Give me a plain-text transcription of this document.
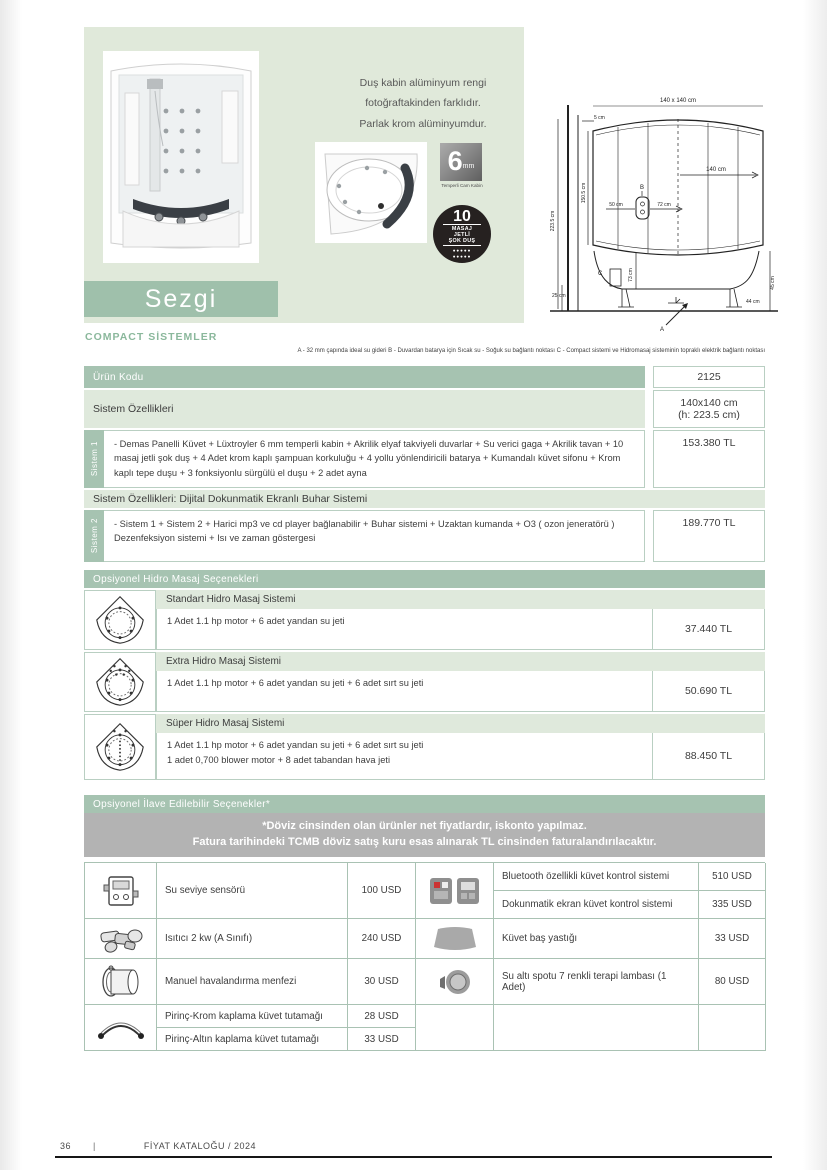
Duş kabin alüminyum rengi
fotoğraftakinden farklıdır.
Parlak krom alüminyumdur.
6 mm
Temperli Cam Kabin
10
MASAJ JETLİ
ŞOK DUŞ
●●●●●
●●●●●
Sezgi
223.5 cm
5 cm
140 x 140 cm
150.5 cm
140 cm
B
50 cm	72 cm
45 cm
73 cm
C
25 cm
44 cm
A
COMPACT SİSTEMLER
A - 32 mm çapında ideal su gideri B - Duvardan batarya için Sıcak su - Soğuk su bağlantı noktası C - Compact sistemi ve Hidromasaj sisteminin topraklı elektrik bağlantı noktası
Ürün Kodu	2125
Sistem Özellikleri	140x140 cm
(h: 223.5 cm)
Sistem 1	- Demas Panelli Küvet + Lüxtroyler 6 mm temperli kabin + Akrilik elyaf takviyeli duvarlar + Su verici gaga + Akrilik tavan + 10 masaj jetli şok duş + 4 Adet krom kaplı şampuan korkuluğu + 4 yollu yönlendiricili batarya + Kumandalı küvet sifonu + Krom kaplı tepe duşu + 3 fonksiyonlu sürgülü el duşu + 2 adet ayna
153.380 TL
Sistem Özellikleri: Dijital Dokunmatik Ekranlı Buhar Sistemi
Sistem 2	- Sistem 1 + Sistem 2 + Harici mp3 ve cd player bağlanabilir + Buhar sistemi + Uzaktan kumanda + O3 ( ozon jeneratörü ) Dezenfeksiyon sistemi + Isı ve zaman göstergesi
189.770 TL
Opsiyonel Hidro Masaj Seçenekleri
Standart Hidro Masaj Sistemi
1 Adet 1.1 hp motor + 6 adet yandan su jeti
37.440 TL
Extra Hidro Masaj Sistemi
1 Adet 1.1 hp motor + 6 adet yandan su jeti + 6 adet sırt su jeti
50.690 TL
Süper Hidro Masaj Sistemi
1 Adet 1.1 hp motor + 6 adet yandan su jeti + 6 adet sırt su jeti
1 adet 0,700 blower motor + 8 adet tabandan hava jeti	88.450 TL
Opsiyonel İlave Edilebilir Seçenekler*
*Döviz cinsinden olan ürünler net fiyatlardır, iskonto yapılmaz.
Fatura tarihindeki TCMB döviz satış kuru esas alınarak TL cinsinden faturalandırılacaktır.
Su seviye sensörü	100 USD
Bluetooth özellikli küvet kontrol sistemi	510 USD
Dokunmatik ekran küvet kontrol sistemi	335 USD
Isıtıcı 2 kw (A Sınıfı)	240 USD	Küvet baş yastığı	33 USD
Manuel havalandırma menfezi	30 USD	Su altı spotu 7 renkli terapi lambası (1 Adet)	80 USD
Pirinç-Krom kaplama küvet tutamağı	28 USD
Pirinç-Altın kaplama küvet tutamağı	33 USD
36 |	FİYAT KATALOĞU / 2024
